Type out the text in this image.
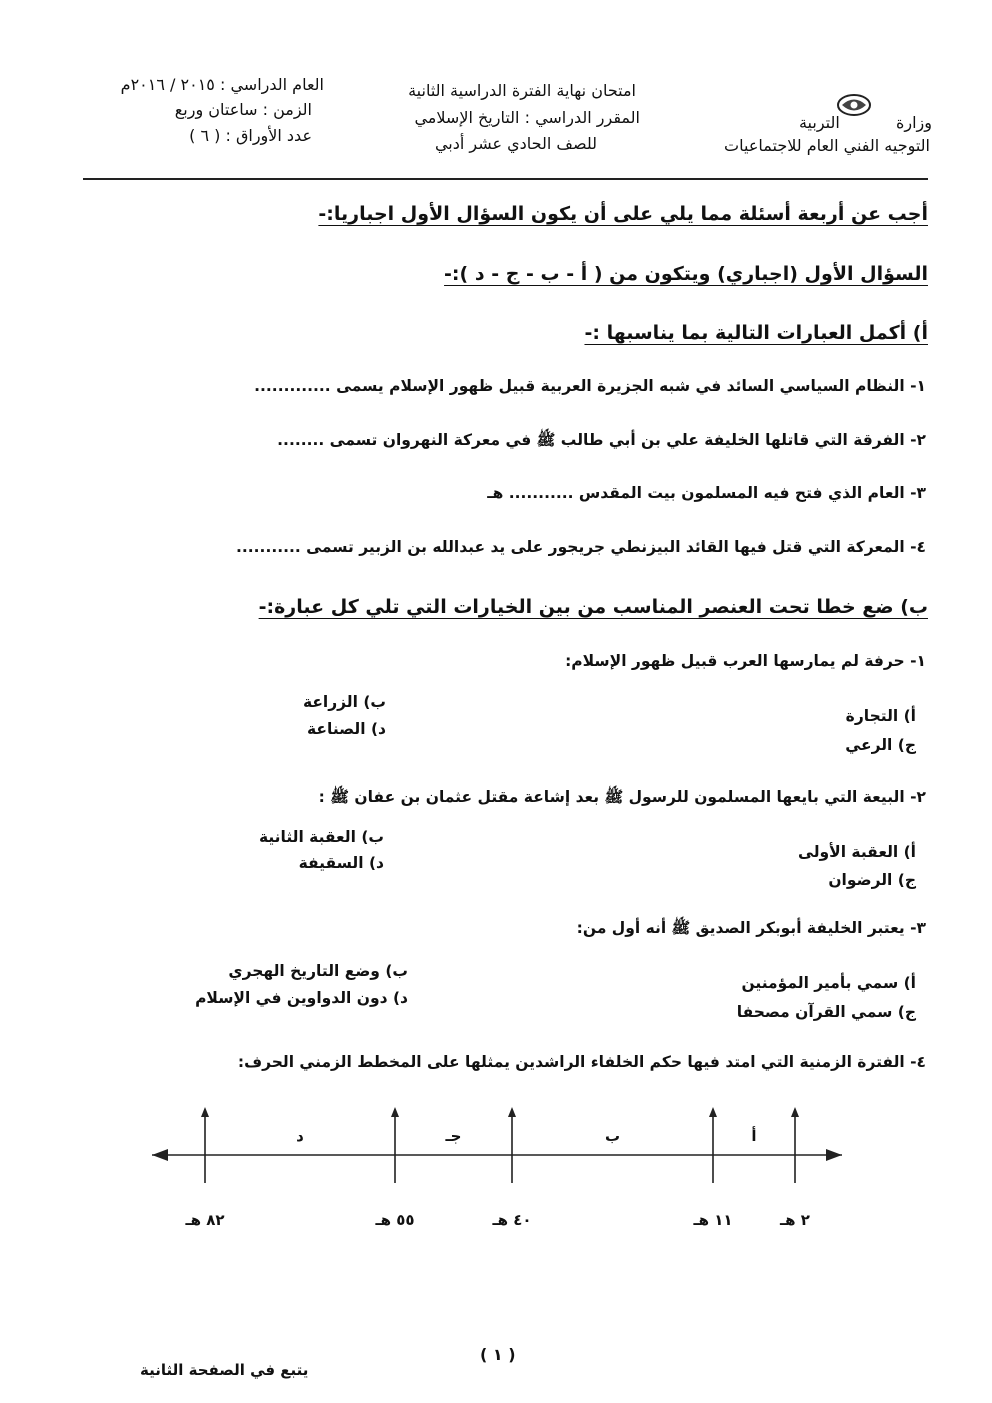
وزارة  التربية
التوجيه الفني العام للاجتماعيات
امتحان نهاية الفترة الدراسية الثانية
المقرر الدراسي : التاريخ الإسلامي
للصف الحادي عشر أدبي
العام الدراسي : ٢٠١٥ / ٢٠١٦م
الزمن : ساعتان وربع
عدد الأوراق : ( ٦ )
أجب عن أربعة أسئلة مما يلي على أن يكون السؤال الأول اجباريا:-
السؤال الأول (اجباري) ويتكون من ( أ - ب - ج - د ):-
أ) أكمل العبارات التالية بما يناسبها :-
١- النظام السياسي السائد في شبه الجزيرة العربية قبيل ظهور الإسلام يسمى .............
٢- الفرقة التي قاتلها الخليفة علي بن أبي طالب ﷺ في معركة النهروان تسمى ........
٣- العام الذي فتح فيه المسلمون بيت المقدس ........... هـ
٤- المعركة التي قتل فيها القائد البيزنطي جريجور على يد عبدالله بن الزبير تسمى ...........
ب) ضع خطا تحت العنصر المناسب من بين الخيارات التي تلي كل عبارة:-
١- حرفة لم يمارسها العرب قبيل ظهور الإسلام:
أ) التجارة
ب) الزراعة
ج) الرعي
د) الصناعة
٢- البيعة التي بايعها المسلمون للرسول ﷺ بعد إشاعة مقتل عثمان بن عفان ﷺ :
أ) العقبة الأولى
ب) العقبة الثانية
ج) الرضوان
د) السقيفة
٣- يعتبر الخليفة أبوبكر الصديق ﷺ أنه أول من:
أ) سمي بأمير المؤمنين
ب) وضع التاريخ الهجري
ج) سمي القرآن مصحفا
د) دون الدواوين في الإسلام
٤- الفترة الزمنية التي امتد فيها حكم الخلفاء الراشدين يمثلها على المخطط الزمني الحرف:
٢ هـ
١١ هـ
٤٠ هـ
٥٥ هـ
٨٢ هـ
أ
ب
جـ
د
( ١ )
يتبع في الصفحة الثانية
